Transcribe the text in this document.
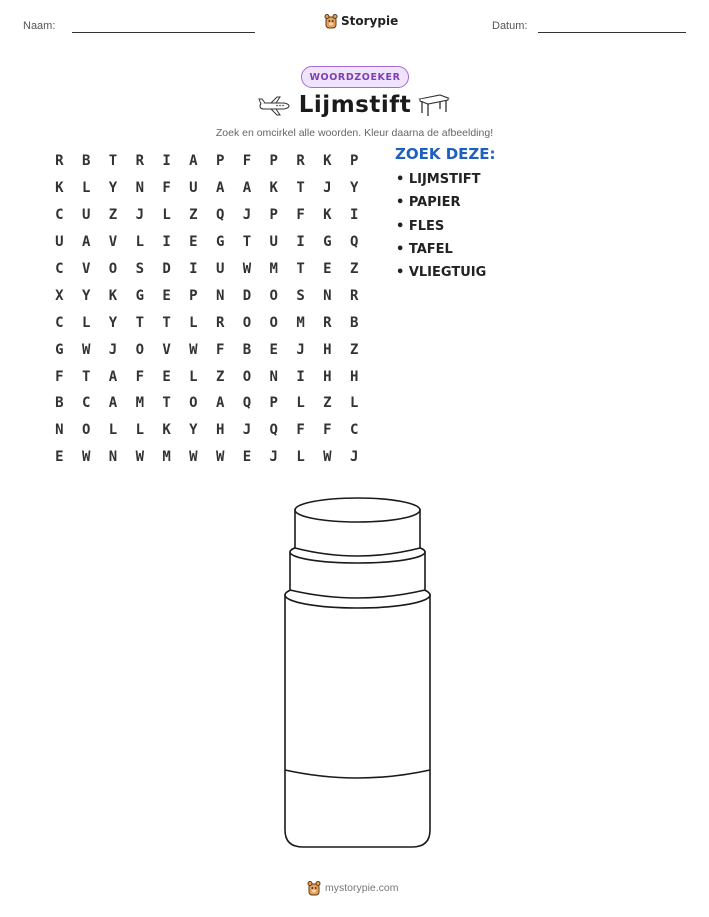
Naam:	Storypie	Datum:
WOORDZOEKER
Lijmstift
Zoek en omcirkel alle woorden. Kleur daarna de afbeelding!
R	B	T	R	I	A	P	F	P	R	K	P
K	L	Y	N	F	U	A	A	K	T	J	Y
C	U	Z	J	L	Z	Q	J	P	F	K	I
U	A	V	L	I	E	G	T	U	I	G	Q
C	V	O	S	D	I	U	W	M	T	E	Z
X	Y	K	G	E	P	N	D	O	S	N	R
C	L	Y	T	T	L	R	O	O	M	R	B
G	W	J	O	V	W	F	B	E	J	H	Z
F	T	A	F	E	L	Z	O	N	I	H	H
B	C	A	M	T	O	A	Q	P	L	Z	L
N	O	L	L	K	Y	H	J	Q	F	F	C
E	W	N	W	M	W	W	E	J	L	W	J
ZOEK DEZE:
• LIJMSTIFT
• PAPIER
• FLES
• TAFEL
• VLIEGTUIG
mystorypie.com
